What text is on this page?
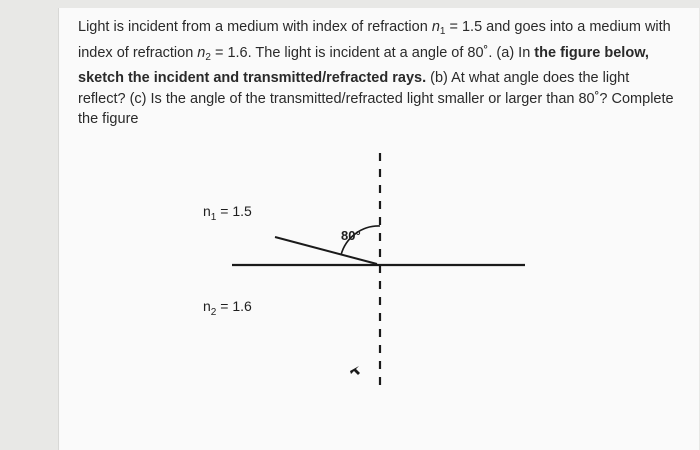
Light is incident from a medium with index of refraction $n_1 = 1.5$ and goes into a medium with index of refraction $n_2 = 1.6$. The light is incident at a angle of 80˚. (a) In the figure below, sketch the incident and transmitted/refracted rays. (b) At what angle does the light reflect? (c) Is the angle of the transmitted/refracted light smaller or larger than 80˚? Complete the figure
80°
$n_1 = 1.5$
$n_2 = 1.6$
